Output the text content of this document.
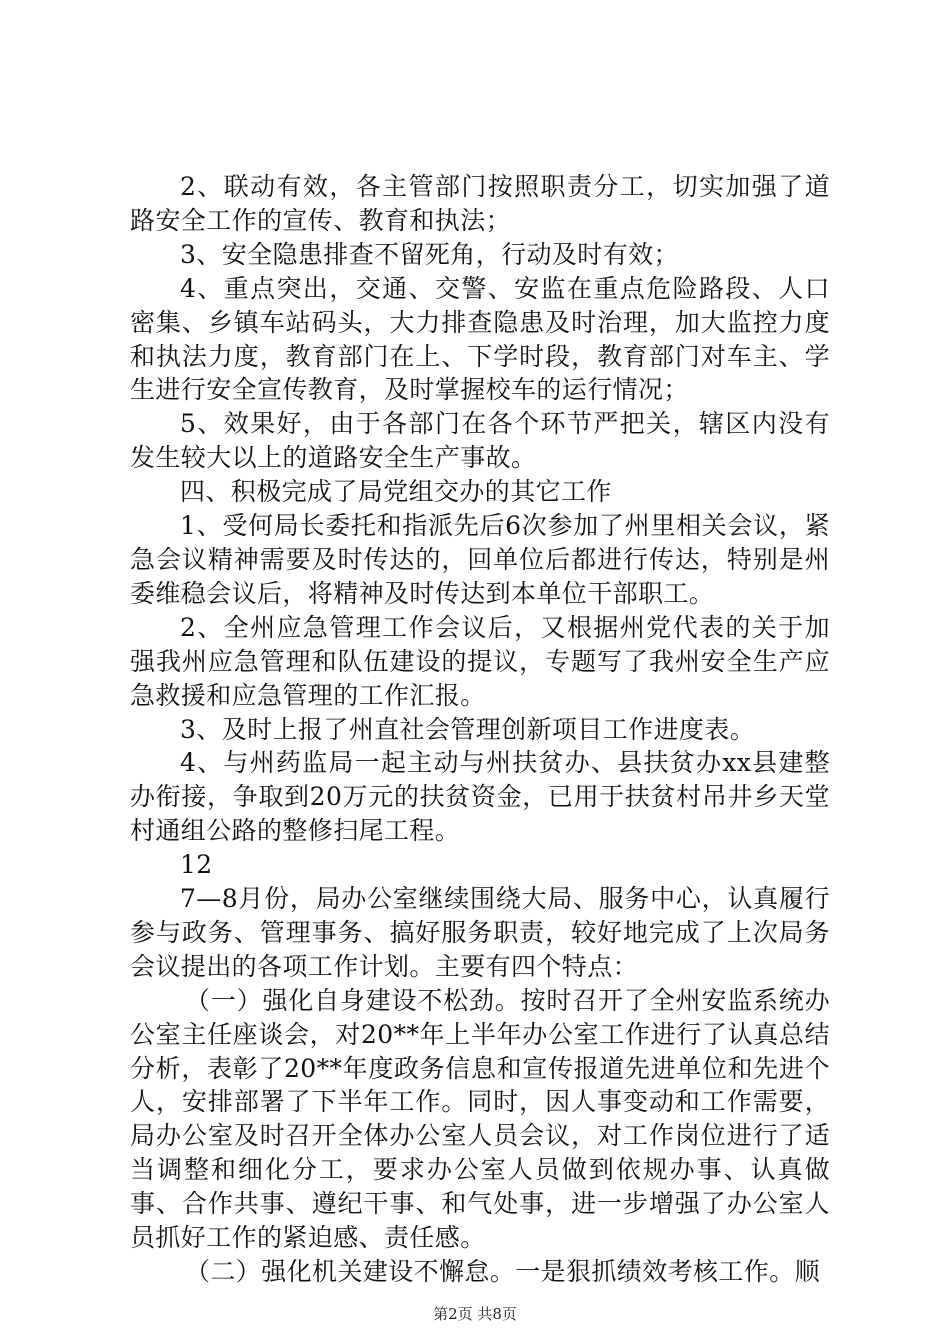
2、联动有效，各主管部门按照职责分工，切实加强了道路安全工作的宣传、教育和执法；

3、安全隐患排查不留死角，行动及时有效；

4、重点突出，交通、交警、安监在重点危险路段、人口密集、乡镇车站码头，大力排查隐患及时治理，加大监控力度和执法力度，教育部门在上、下学时段，教育部门对车主、学生进行安全宣传教育，及时掌握校车的运行情况；

5、效果好，由于各部门在各个环节严把关，辖区内没有发生较大以上的道路安全生产事故。

四、积极完成了局党组交办的其它工作

1、受何局长委托和指派先后6次参加了州里相关会议，紧急会议精神需要及时传达的，回单位后都进行传达，特别是州委维稳会议后，将精神及时传达到本单位干部职工。

2、全州应急管理工作会议后，又根据州党代表的关于加强我州应急管理和队伍建设的提议，专题写了我州安全生产应急救援和应急管理的工作汇报。

3、及时上报了州直社会管理创新项目工作进度表。

4、与州药监局一起主动与州扶贫办、县扶贫办xx县建整办衔接，争取到20万元的扶贫资金，已用于扶贫村吊井乡天堂村通组公路的整修扫尾工程。

12

7—8月份，局办公室继续围绕大局、服务中心，认真履行参与政务、管理事务、搞好服务职责，较好地完成了上次局务会议提出的各项工作计划。主要有四个特点：

（一）强化自身建设不松劲。按时召开了全州安监系统办公室主任座谈会，对20**年上半年办公室工作进行了认真总结分析，表彰了20**年度政务信息和宣传报道先进单位和先进个人，安排部署了下半年工作。同时，因人事变动和工作需要，局办公室及时召开全体办公室人员会议，对工作岗位进行了适当调整和细化分工，要求办公室人员做到依规办事、认真做事、合作共事、遵纪干事、和气处事，进一步增强了办公室人员抓好工作的紧迫感、责任感。

（二）强化机关建设不懈怠。一是狠抓绩效考核工作。顺

第2页 共8页
